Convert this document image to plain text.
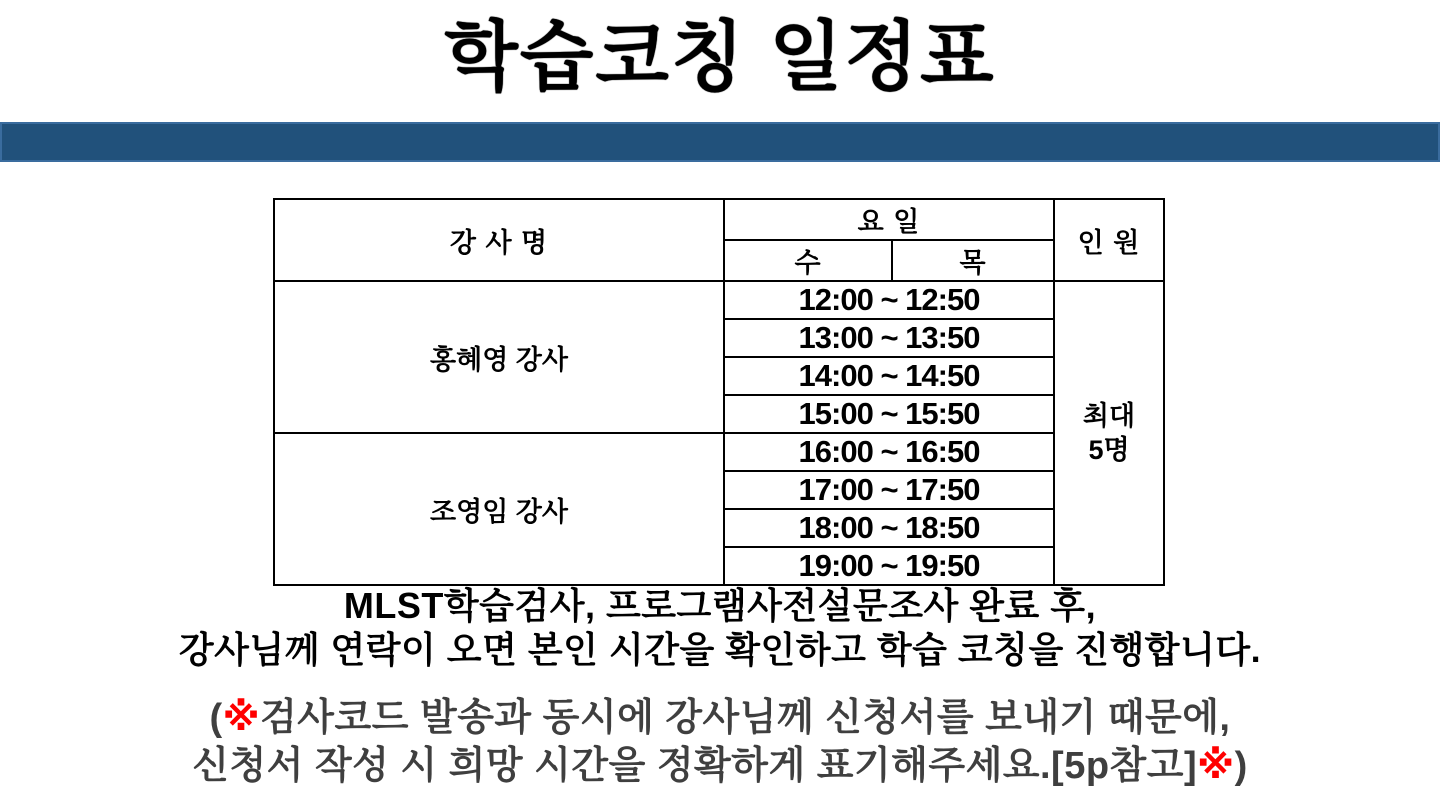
학습코칭 일정표
강 사 명	요 일		인 원
	수	목	
홍혜영 강사	12:00 ~ 12:50		최대
5명

	13:00 ~ 13:50		
	14:00 ~ 14:50		
	15:00 ~ 15:50		
조영임 강사	16:00 ~ 16:50		
	17:00 ~ 17:50		
	18:00 ~ 18:50		
	19:00 ~ 19:50		
MLST학습검사, 프로그램사전설문조사 완료 후,
강사님께 연락이 오면 본인 시간을 확인하고 학습 코칭을 진행합니다.
(※검사코드 발송과 동시에 강사님께 신청서를 보내기 때문에,
신청서 작성 시 희망 시간을 정확하게 표기해주세요.[5p참고]※)
